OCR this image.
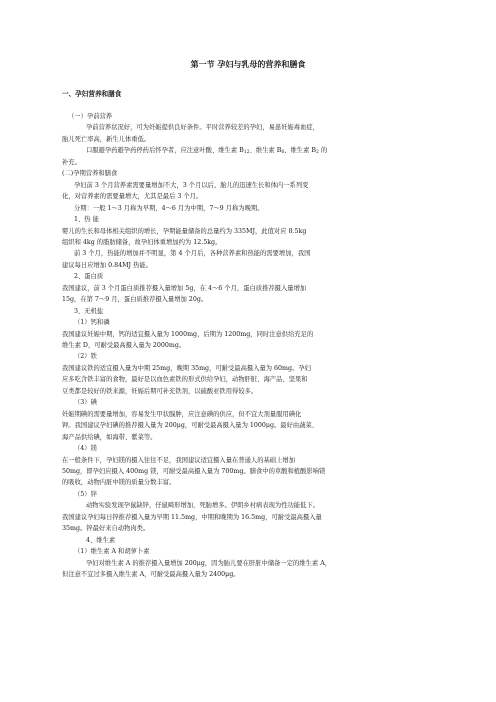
第一节 孕妇与乳母的营养和膳食
一、孕妇营养和膳食
（一）孕前营养
孕前营养状况好，可为妊娠提供良好条件。平时营养较差的孕妇，易患妊娠毒血症，
胎儿死亡率高，新生儿体重低。
口服避孕药避孕药停药后怀孕者，应注意叶酸、维生素 $B_{12}$、维生素 $B_6$、维生素 $B_2$ 的
补充。
(二)孕期营养和膳食
孕妇前 3 个月营养素需要量增加不大，3 个月以后，胎儿的迅速生长和体内一系列变
化，对营养素的需要量增大，尤其是最后 3 个月。
分期：一般 1～3 月称为早期，4～6 月为中期，7～9 月称为晚期。
1、热 能
婴儿的生长和母体相关组织的增长，孕期能量储备的总量约为 335MJ，此值对应 8.5kg
组织和 4kg 的脂肪储备，故孕妇体重增加约为 12.5kg。
前 3 个月，热能的增加并不明显，第 4 个月后，各种营养素和热能的需要增加，我国
建议每日应增加 0.84MJ 热能。
2、蛋白质
我国建议，前 3 个月蛋白质推荐摄入量增加 5g，在 4～6 个月，蛋白质推荐摄入量增加
15g，在第 7～9 月，蛋白质推荐摄入量增加 20g。
3、无机盐
（1）钙和磷
我国建议妊娠中期，钙的适宜摄入量为 1000mg，后期为 1200mg，同时注意供给充足的
维生素 D，可耐受最高摄入量为 2000mg。
（2）铁
我国建议铁的适宜摄入量为中期 25mg，晚期 35mg，可耐受最高摄入量为 60mg。孕妇
应多吃含铁丰富的食物，最好是以血色素铁的形式供给孕妇，动物肝脏、海产品、坚果和
豆类都是较好的铁来源，妊娠后期可补充铁剂，以硫酸亚铁用得较多。
（3）碘
妊娠期碘的需要量增加，容易发生甲状腺肿，应注意碘的供应，但不宜大剂量服用碘化
钾。我国建议孕妇碘的推荐摄入量为 200μg，可耐受最高摄入量为 1000μg。最好由蔬菜、
海产品供给碘，如海带、紫菜等。
（4）镁
在一般条件下，孕妇镁的摄入往往不足，我国建议适宜摄入量在普通人的基础上增加
50mg，即孕妇应摄入 400mg 镁，可耐受最高摄入量为 700mg。膳食中的草酸和植酸影响镁
的吸收，动物内脏中镁的质量分数丰富。
（5）锌
动物实验发现孕鼠缺锌，仔鼠畸形增加，死胎增多。伊朗乡村病表现为性功能低下。
我国建议孕妇每日锌推荐摄入量为早期 11.5mg，中期和晚期为 16.5mg，可耐受最高摄入量
35mg。锌最好来自动物肉类。
4、维生素
（1）维生素 A 和胡萝卜素
孕妇对维生素 A 的推荐摄入量增加 200μg，因为胎儿要在肝脏中储备一定的维生素 A，
但注意不宜过多摄入维生素 A，可耐受最高摄入量为 2400μg。
